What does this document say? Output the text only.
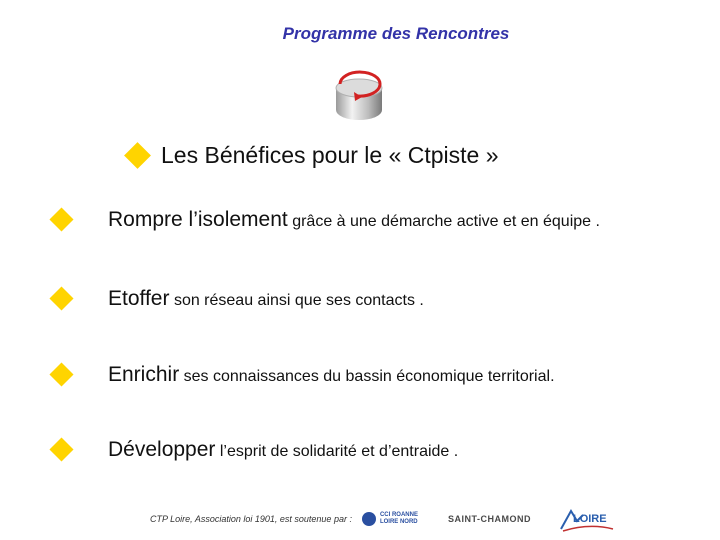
Programme des Rencontres
Les Bénéfices pour le « Ctpiste »
Rompre l’isolement grâce à une démarche active et en équipe .
Etoffer son réseau ainsi que ses contacts .
Enrichir ses connaissances du bassin économique territorial.
Développer l’esprit de solidarité et d’entraide .
CTP Loire, Association loi 1901, est soutenue par :	CCI ROANNE
LOIRE NORD	SAINT-CHAMOND	LOIRE
